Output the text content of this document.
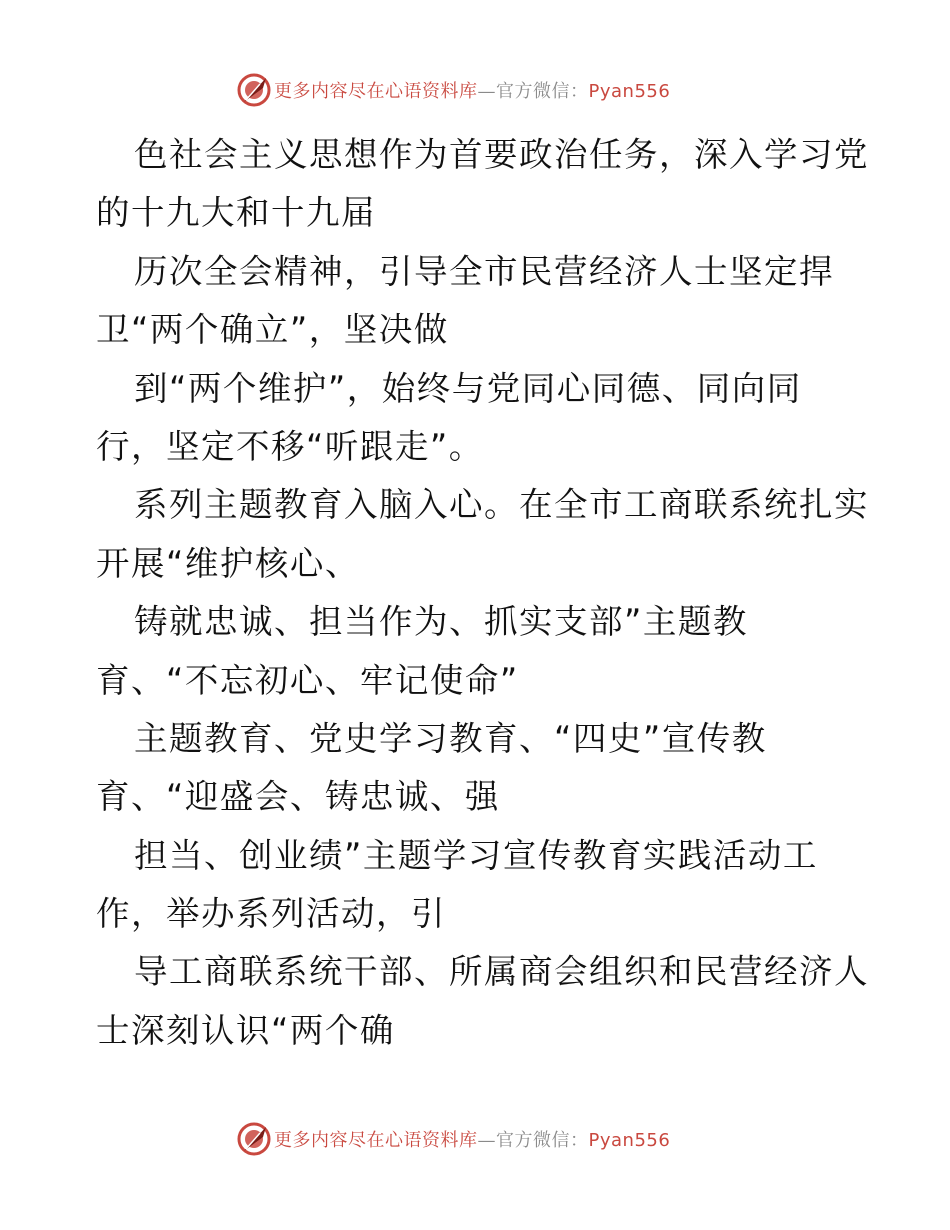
更多内容尽在心语资料库—官方微信：Pyan556
色社会主义思想作为首要政治任务，深入学习党
的十九大和十九届
历次全会精神，引导全市民营经济人士坚定捍
卫“两个确立”，坚决做
到“两个维护”，始终与党同心同德、同向同
行，坚定不移“听跟走”。
系列主题教育入脑入心。在全市工商联系统扎实
开展“维护核心、
铸就忠诚、担当作为、抓实支部”主题教
育、“不忘初心、牢记使命”
主题教育、党史学习教育、“四史”宣传教
育、“迎盛会、铸忠诚、强
担当、创业绩”主题学习宣传教育实践活动工
作，举办系列活动，引
导工商联系统干部、所属商会组织和民营经济人
士深刻认识“两个确
更多内容尽在心语资料库—官方微信：Pyan556
